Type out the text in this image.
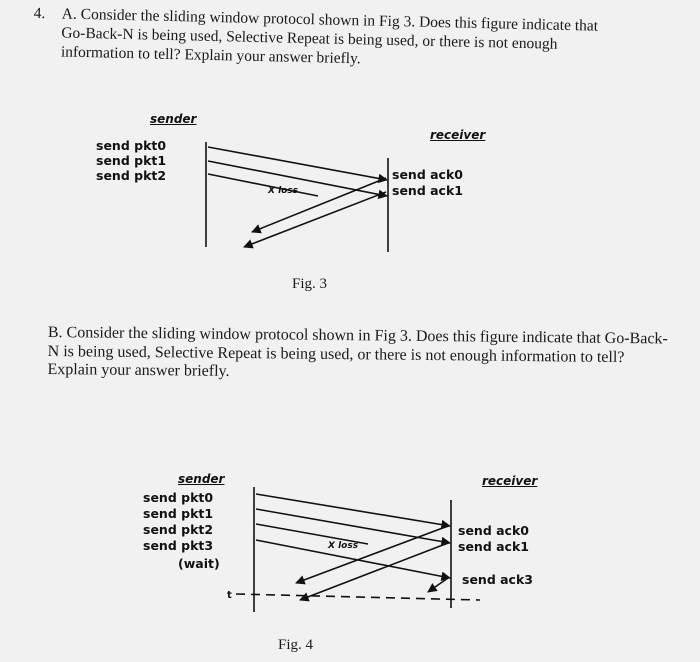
4.	A. Consider the sliding window protocol shown in Fig 3. Does this figure indicate that Go-Back-N is being used, Selective Repeat is being used, or there is not enough information to tell? Explain your answer briefly.
sender
receiver
send pkt0
send pkt1
send pkt2	send ack0
send ack1
X loss
Fig. 3
B. Consider the sliding window protocol shown in Fig 3. Does this figure indicate that Go-Back-N is being used, Selective Repeat is being used, or there is not enough information to tell? Explain your answer briefly.
sender	receiver
send pkt0
send pkt1
send pkt2
send pkt3
(wait)
send ack0
send ack1
send ack3
X loss
Fig. 4
t
